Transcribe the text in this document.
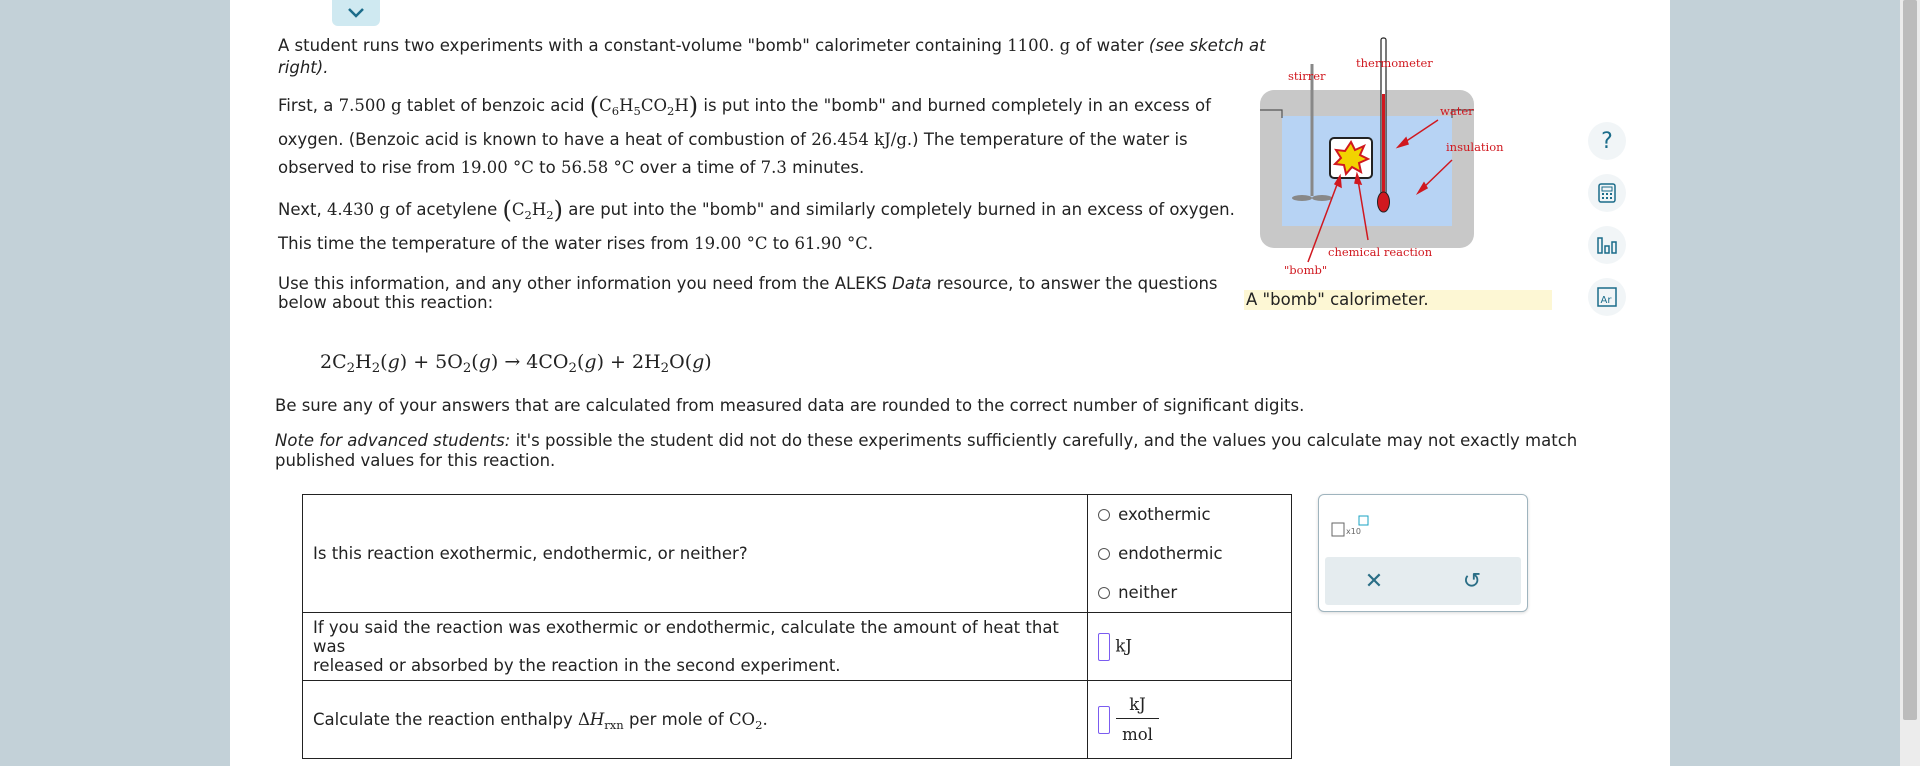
A student runs two experiments with a constant-volume "bomb" calorimeter containing 1100. g of water (see sketch at
right).
First, a 7.500 g tablet of benzoic acid $(C_6H_5CO_2H)$ is put into the "bomb" and burned completely in an excess of
oxygen. (Benzoic acid is known to have a heat of combustion of 26.454 kJ/g.) The temperature of the water is
observed to rise from 19.00 °C to 56.58 °C over a time of 7.3 minutes.
Next, 4.430 g of acetylene $(C_2H_2)$ are put into the "bomb" and similarly completely burned in an excess of oxygen.
This time the temperature of the water rises from 19.00 °C to 61.90 °C.
Use this information, and any other information you need from the ALEKS Data resource, to answer the questions
below about this reaction:
$2C_2H_2(g) + 5O_2(g) \to 4CO_2(g) + 2H_2O(g)$
Be sure any of your answers that are calculated from measured data are rounded to the correct number of significant digits.
Note for advanced students: it's possible the student did not do these experiments sufficiently carefully, and the values you calculate may not exactly match
published values for this reaction.
thermometer
stirrer
water
insulation
chemical reaction
"bomb"
A "bomb" calorimeter.
?
Ar
Is this reaction exothermic, endothermic, or neither?	exothermic
endothermic
neither

If you said the reaction was exothermic or endothermic, calculate the amount of heat that was
released or absorbed by the reaction in the second experiment.	kJ
Calculate the reaction enthalpy $\Delta H_{rxn}$ per mole of $CO_2$.	kJ
mol
x10
✕	↺
